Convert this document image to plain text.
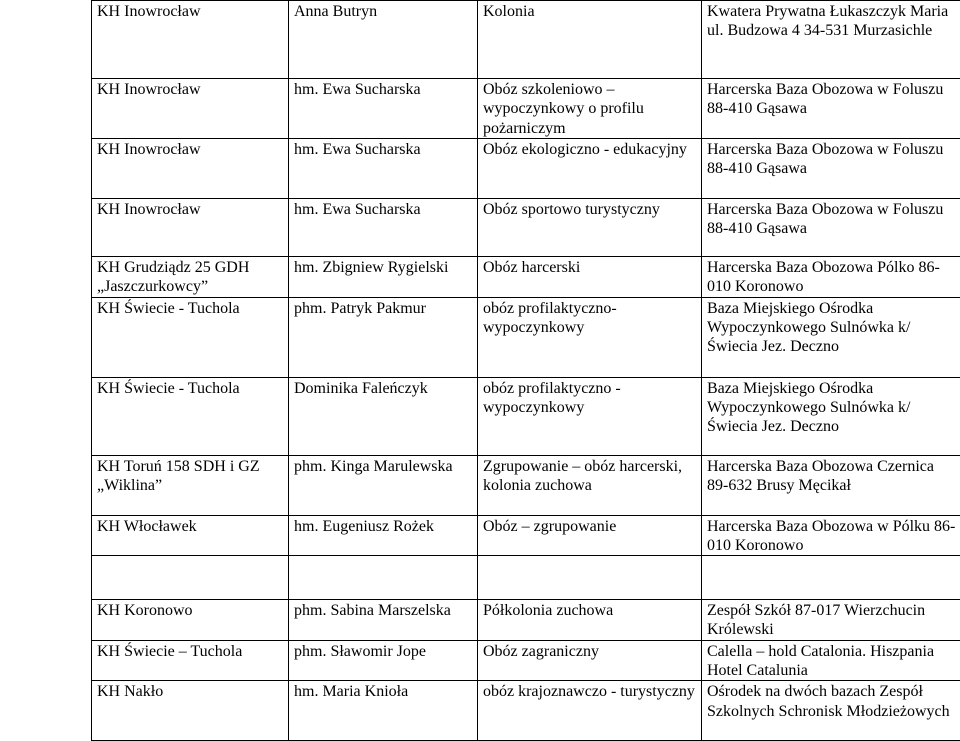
KH Inowrocław	Anna Butryn	Kolonia	Kwatera Prywatna Łukaszczyk Maria ul. Budzowa 4 34-531 Murzasichle
KH Inowrocław	hm. Ewa Sucharska	Obóz szkoleniowo – wypoczynkowy o profilu pożarniczym	Harcerska Baza Obozowa w Foluszu 88-410 Gąsawa
KH Inowrocław	hm. Ewa Sucharska	Obóz ekologiczno - edukacyjny	Harcerska Baza Obozowa w Foluszu 88-410 Gąsawa
KH Inowrocław	hm. Ewa Sucharska	Obóz sportowo turystyczny	Harcerska Baza Obozowa w Foluszu 88-410 Gąsawa
KH Grudziądz 25 GDH „Jaszczurkowcy”	hm. Zbigniew Rygielski	Obóz harcerski	Harcerska Baza Obozowa Pólko 86-010 Koronowo
KH Świecie - Tuchola	phm. Patryk Pakmur	obóz profilaktyczno-wypoczynkowy	Baza Miejskiego Ośrodka Wypoczynkowego Sulnówka k/ Świecia Jez. Deczno
KH Świecie - Tuchola	Dominika Faleńczyk	obóz profilaktyczno - wypoczynkowy	Baza Miejskiego Ośrodka Wypoczynkowego Sulnówka k/ Świecia Jez. Deczno
KH Toruń 158 SDH i GZ „Wiklina”	phm. Kinga Marulewska	Zgrupowanie – obóz harcerski, kolonia zuchowa	Harcerska Baza Obozowa Czernica 89-632 Brusy Męcikał
KH Włocławek	hm. Eugeniusz Rożek	Obóz – zgrupowanie	Harcerska Baza Obozowa w Pólku 86-010 Koronowo

KH Koronowo	phm. Sabina Marszelska	Półkolonia zuchowa	Zespół Szkół 87-017 Wierzchucin Królewski
KH Świecie – Tuchola	phm. Sławomir Jope	Obóz zagraniczny	Calella – hold Catalonia. Hiszpania Hotel Catalunia
KH Nakło	hm. Maria Knioła	obóz krajoznawczo - turystyczny	Ośrodek na dwóch bazach Zespół Szkolnych Schronisk Młodzieżowych
